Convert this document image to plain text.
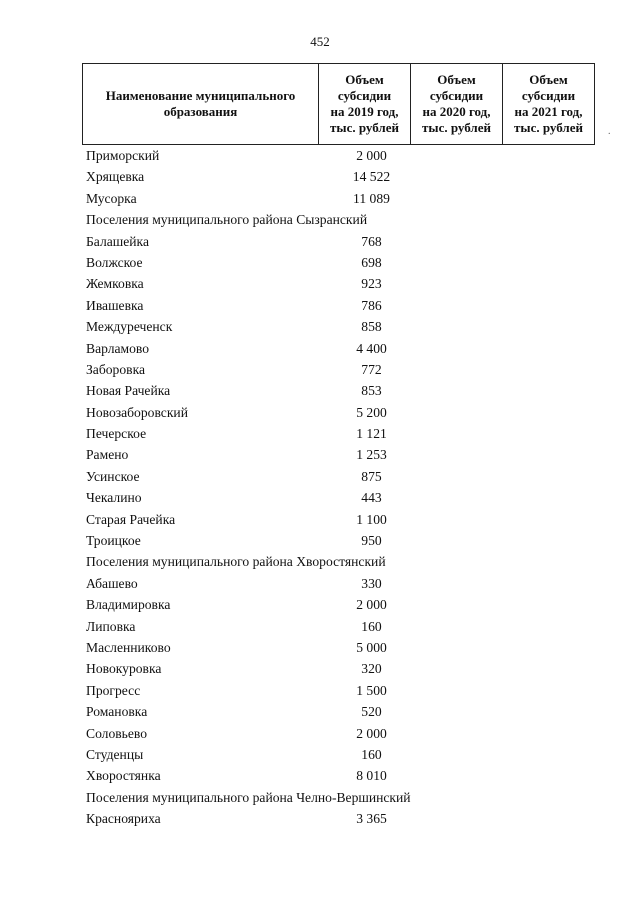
452
Наименование муниципального
образования

Объем
субсидии
на 2019 год,
тыс. рублей

Объем
субсидии
на 2020 год,
тыс. рублей

Объем
субсидии
на 2021 год,
тыс. рублей	.
Приморский	2 000
Хрящевка	14 522
Мусорка	11 089
Поселения муниципального района Сызранский
Балашейка	768
Волжское	698
Жемковка	923
Ивашевка	786
Междуреченск	858
Варламово	4 400
Заборовка	772
Новая Рачейка	853
Новозаборовский	5 200
Печерское	1 121
Рамено	1 253
Усинское	875
Чекалино	443
Старая Рачейка	1 100
Троицкое	950
Поселения муниципального района Хворостянский
Абашево	330
Владимировка	2 000
Липовка	160
Масленниково	5 000
Новокуровка	320
Прогресс	1 500
Романовка	520
Соловьево	2 000
Студенцы	160
Хворостянка	8 010
Поселения муниципального района Челно-Вершинский
Краснояриха	3 365
